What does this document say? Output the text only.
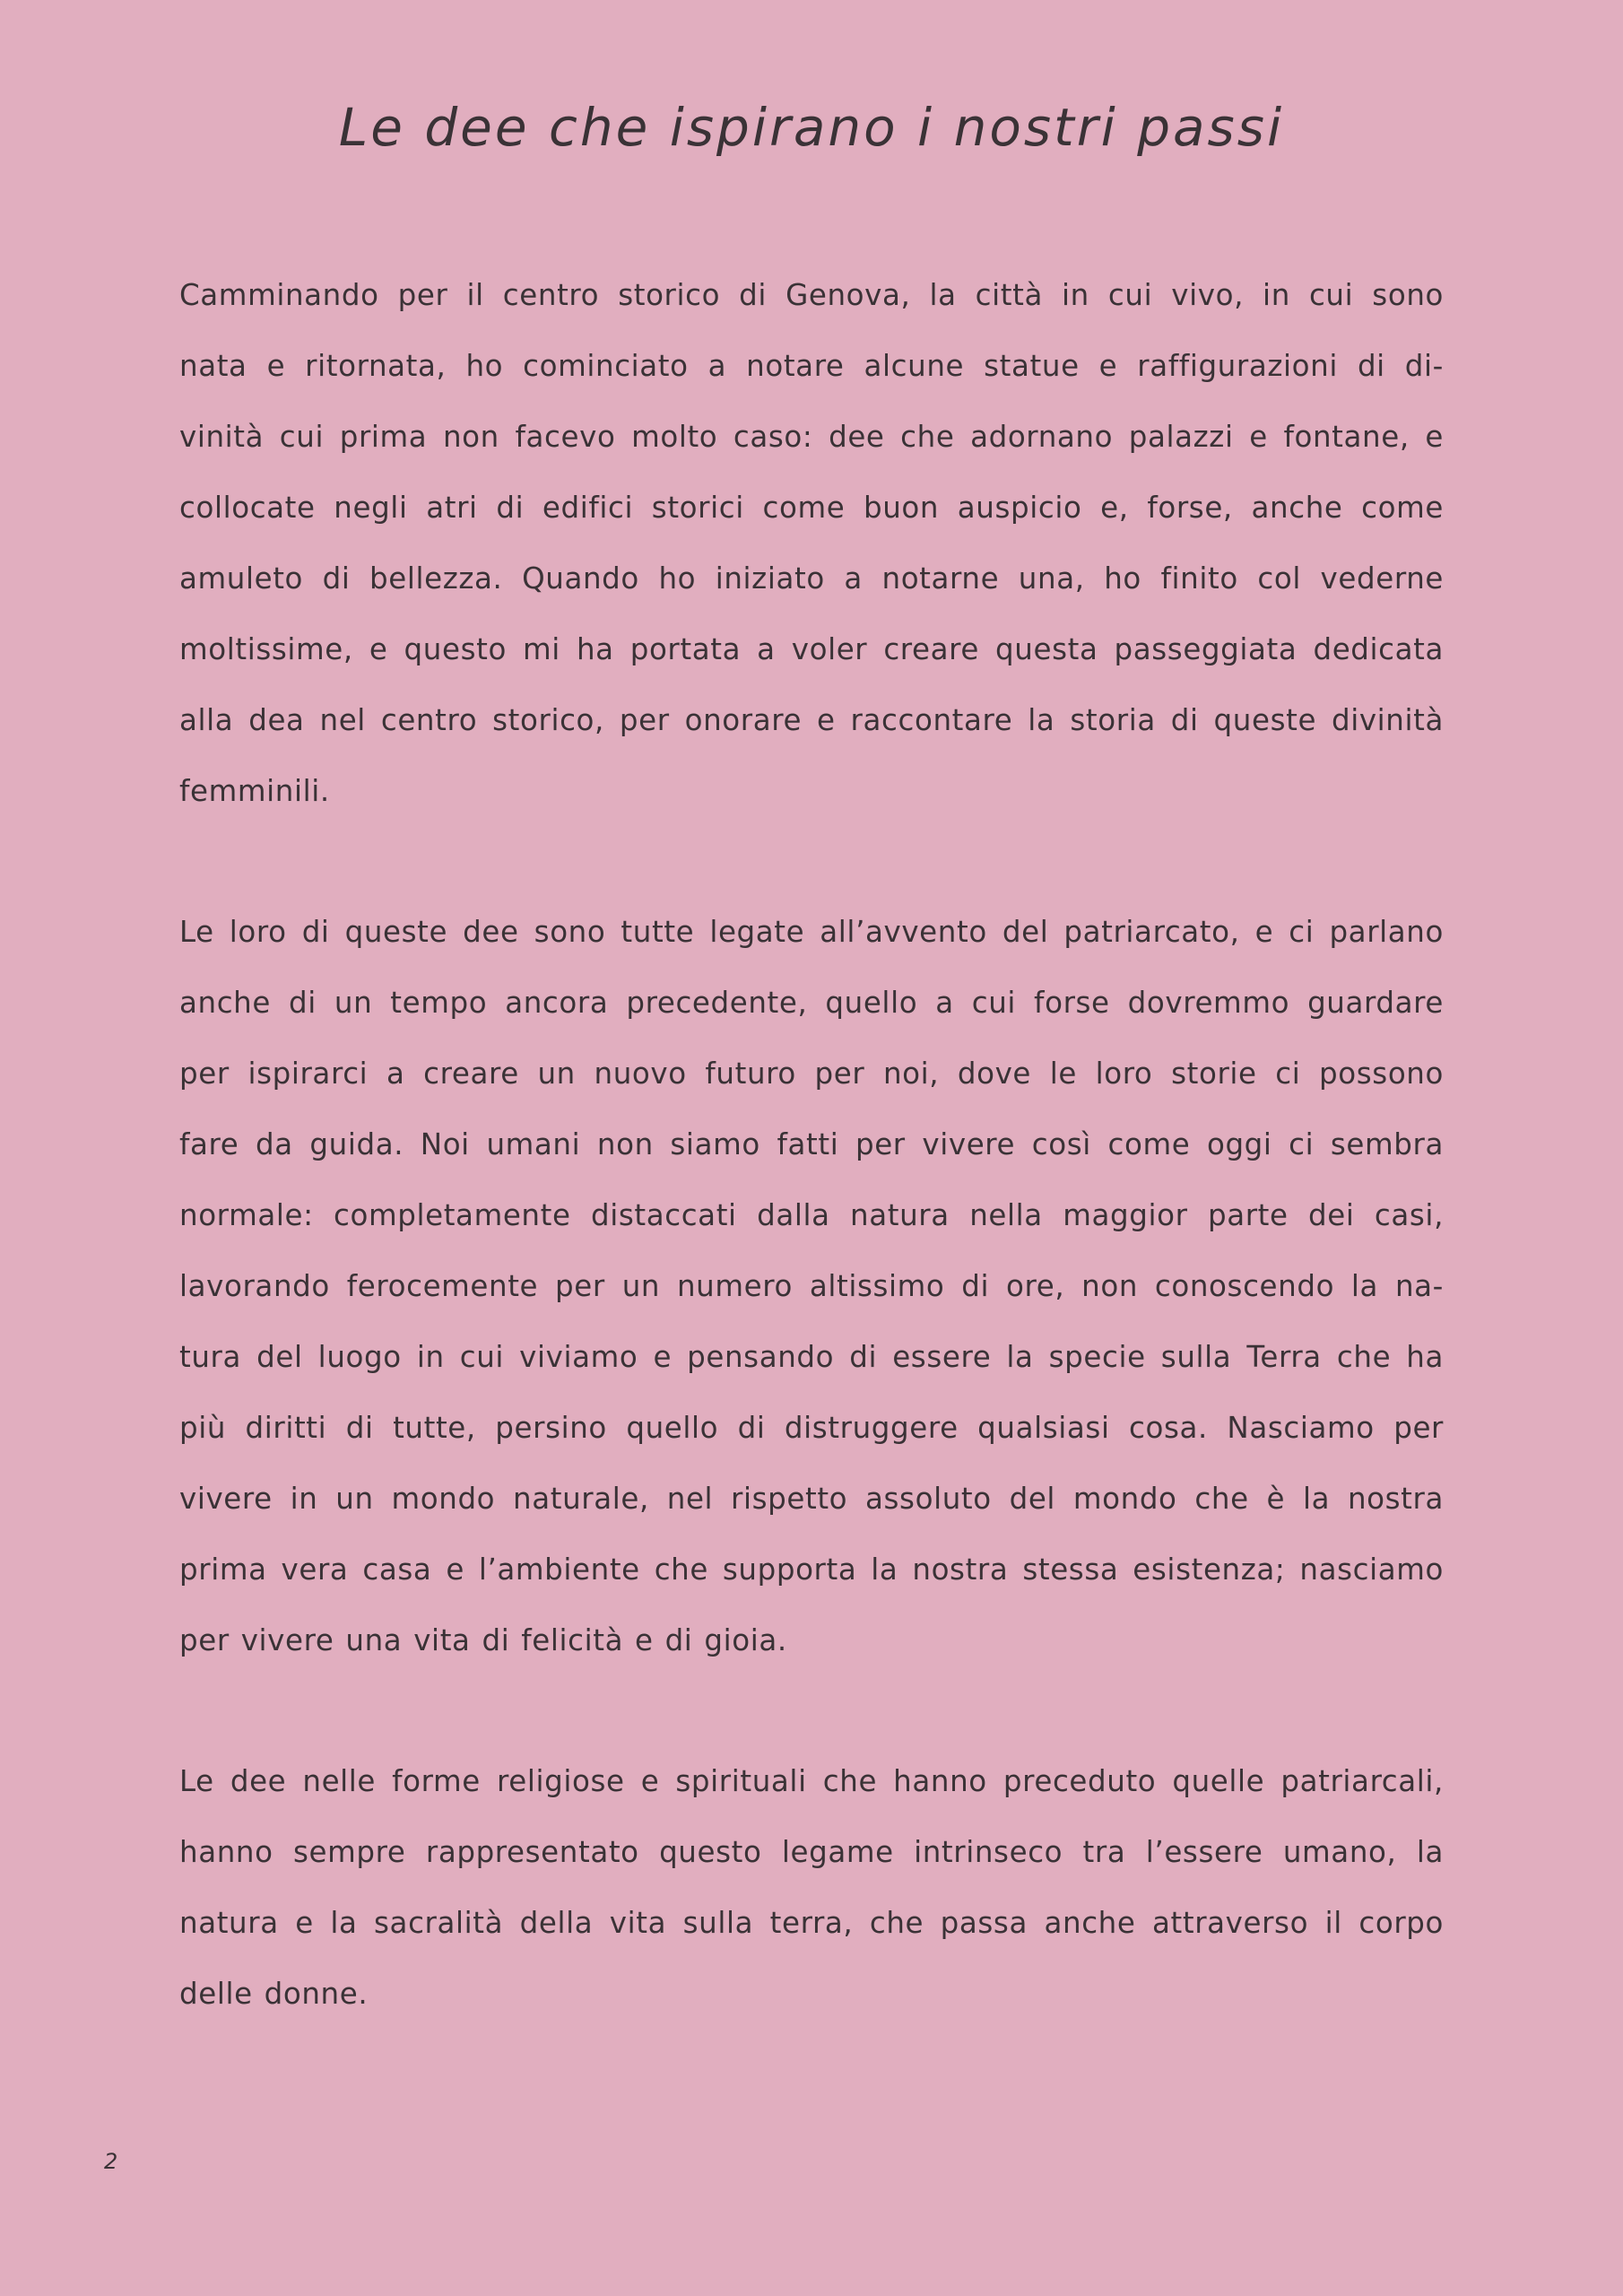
Le dee che ispirano i nostri passi

Camminando per il centro storico di Genova, la città in cui vivo, in cui sono
nata e ritornata, ho cominciato a notare alcune statue e raffigurazioni di di-
vinità cui prima non facevo molto caso: dee che adornano palazzi e fontane, e
collocate negli atri di edifici storici come buon auspicio e, forse, anche come
amuleto di bellezza. Quando ho iniziato a notarne una, ho finito col vederne
moltissime, e questo mi ha portata a voler creare questa passeggiata dedicata
alla dea nel centro storico, per onorare e raccontare la storia di queste divinità
femminili.

Le loro di queste dee sono tutte legate all’avvento del patriarcato, e ci parlano
anche di un tempo ancora precedente, quello a cui forse dovremmo guardare
per ispirarci a creare un nuovo futuro per noi, dove le loro storie ci possono
fare da guida. Noi umani non siamo fatti per vivere così come oggi ci sembra
normale: completamente distaccati dalla natura nella maggior parte dei casi,
lavorando ferocemente per un numero altissimo di ore, non conoscendo la na-
tura del luogo in cui viviamo e pensando di essere la specie sulla Terra che ha
più diritti di tutte, persino quello di distruggere qualsiasi cosa. Nasciamo per
vivere in un mondo naturale, nel rispetto assoluto del mondo che è la nostra
prima vera casa e l’ambiente che supporta la nostra stessa esistenza; nasciamo
per vivere una vita di felicità e di gioia.

Le dee nelle forme religiose e spirituali che hanno preceduto quelle patriarcali,
hanno sempre rappresentato questo legame intrinseco tra l’essere umano, la
natura e la sacralità della vita sulla terra, che passa anche attraverso il corpo
delle donne.

2
